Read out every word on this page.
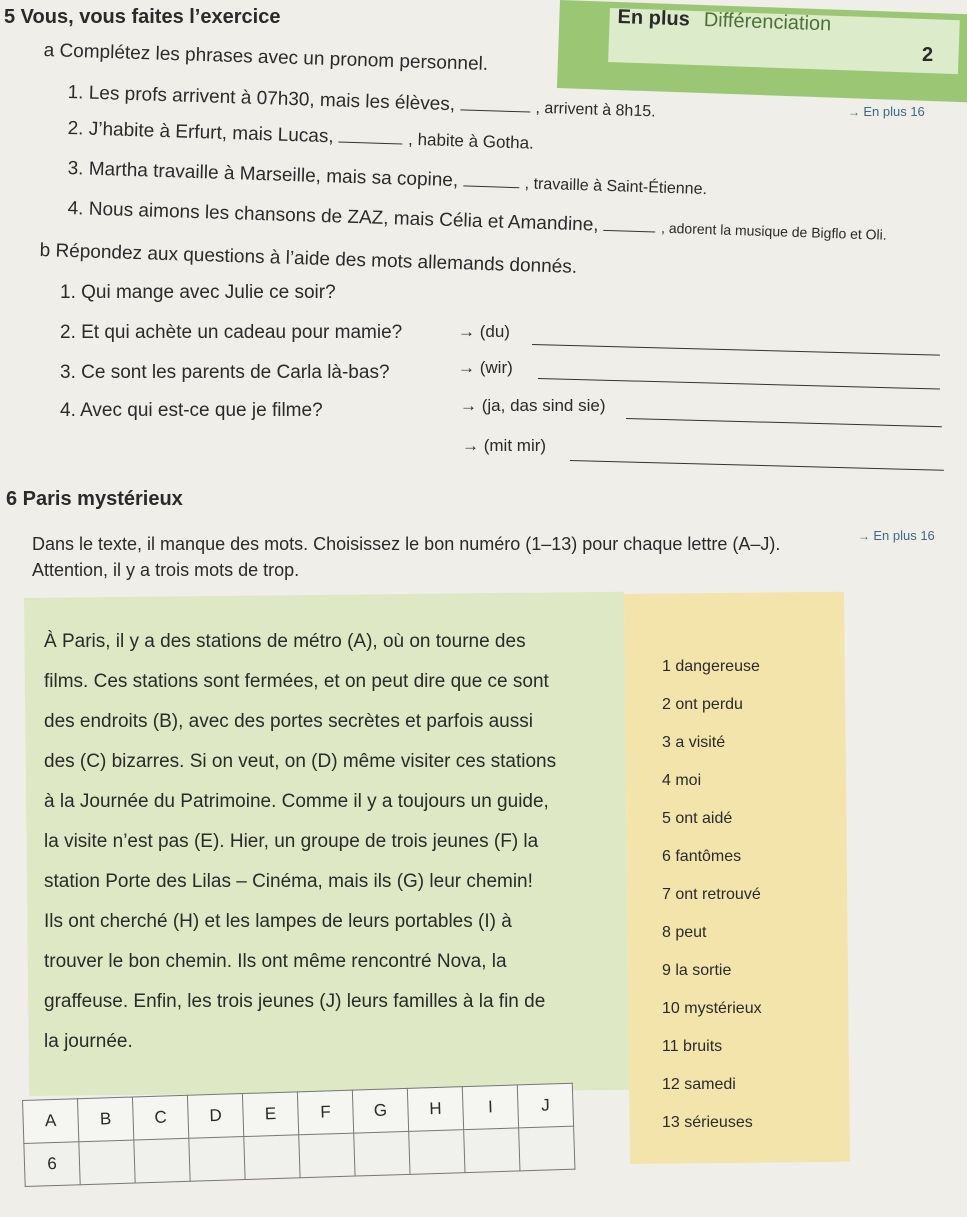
En plus Différenciation
2
5 Vous, vous faites l’exercice
→ En plus 16
a Complétez les phrases avec un pronom personnel.
1. Les profs arrivent à 07h30, mais les élèves,	, arrivent à 8h15.
2. J’habite à Erfurt, mais Lucas,	, habite à Gotha.
3. Martha travaille à Marseille, mais sa copine,	, travaille à Saint-Étienne.
4. Nous aimons les chansons de ZAZ, mais Célia et Amandine,	, adorent la musique de Bigflo et Oli.
b Répondez aux questions à l’aide des mots allemands donnés.
1. Qui mange avec Julie ce soir?
→ (du)
2. Et qui achète un cadeau pour mamie?
→ (wir)
3. Ce sont les parents de Carla là-bas?
→ (ja, das sind sie)
4. Avec qui est-ce que je filme?
→ (mit mir)
6 Paris mystérieux
→ En plus 16
Dans le texte, il manque des mots. Choisissez le bon numéro (1–13) pour chaque lettre (A–J).
Attention, il y a trois mots de trop.
À Paris, il y a des stations de métro (A), où on tourne des
films. Ces stations sont fermées, et on peut dire que ce sont
des endroits (B), avec des portes secrètes et parfois aussi
des (C) bizarres. Si on veut, on (D) même visiter ces stations
à la Journée du Patrimoine. Comme il y a toujours un guide,
la visite n’est pas (E). Hier, un groupe de trois jeunes (F) la
station Porte des Lilas – Cinéma, mais ils (G) leur chemin!
Ils ont cherché (H) et les lampes de leurs portables (I) à
trouver le bon chemin. Ils ont même rencontré Nova, la
graffeuse. Enfin, les trois jeunes (J) leurs familles à la fin de
la journée.
1 dangereuse
2 ont perdu
3 a visité
4 moi
5 ont aidé
6 fantômes
7 ont retrouvé
8 peut
9 la sortie
10 mystérieux
11 bruits
12 samedi
13 sérieuses
A	B	C	D	E	F	G	H	I	J
6									
